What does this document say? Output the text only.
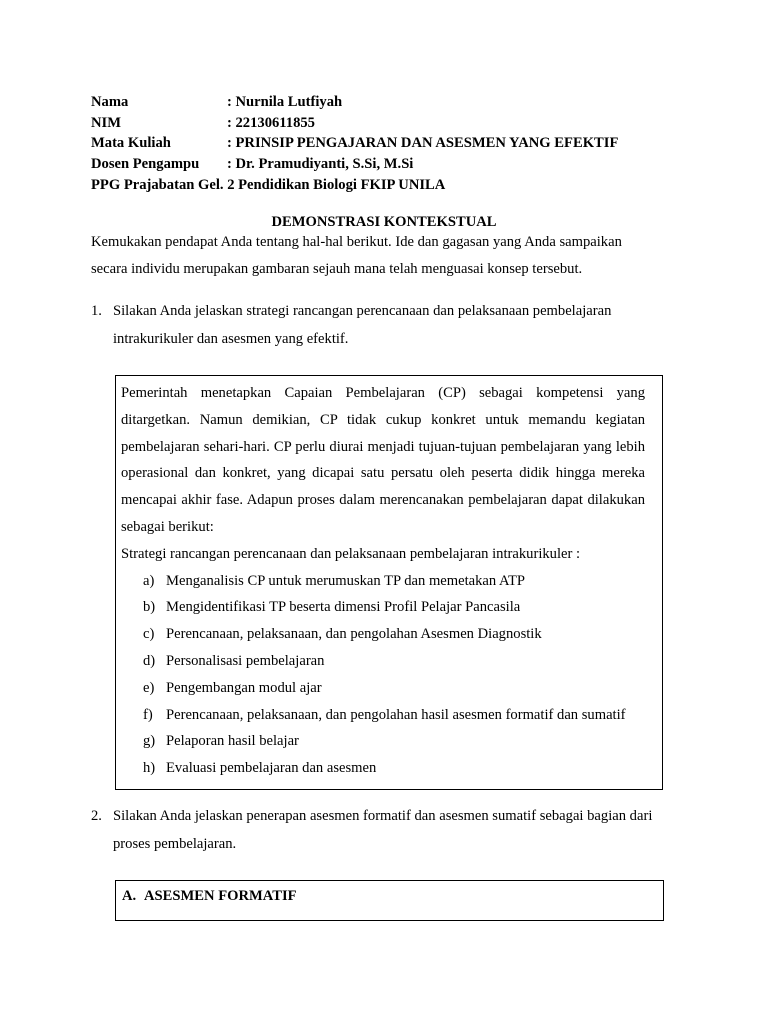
Nama	: Nurnila Lutfiyah
NIM	: 22130611855
Mata Kuliah	: PRINSIP PENGAJARAN DAN ASESMEN YANG EFEKTIF
Dosen Pengampu : Dr. Pramudiyanti, S.Si, M.Si
PPG Prajabatan Gel. 2 Pendidikan Biologi FKIP UNILA
DEMONSTRASI KONTEKSTUAL

Kemukakan pendapat Anda tentang hal-hal berikut. Ide dan gagasan yang Anda sampaikan

secara individu merupakan gambaran sejauh mana telah menguasai konsep tersebut.

1. Silakan Anda jelaskan strategi rancangan perencanaan dan pelaksanaan pembelajaran intrakurikuler dan asesmen yang efektif.

Pemerintah menetapkan Capaian Pembelajaran (CP) sebagai kompetensi yang ditargetkan. Namun demikian, CP tidak cukup konkret untuk memandu kegiatan pembelajaran sehari-hari. CP perlu diurai menjadi tujuan-tujuan pembelajaran yang lebih operasional dan konkret, yang dicapai satu persatu oleh peserta didik hingga mereka mencapai akhir fase. Adapun proses dalam merencanakan pembelajaran dapat dilakukan sebagai berikut:

Strategi rancangan perencanaan dan pelaksanaan pembelajaran intrakurikuler :

a) Menganalisis CP untuk merumuskan TP dan memetakan ATP
b) Mengidentifikasi TP beserta dimensi Profil Pelajar Pancasila
c) Perencanaan, pelaksanaan, dan pengolahan Asesmen Diagnostik
d) Personalisasi pembelajaran
e) Pengembangan modul ajar
f) Perencanaan, pelaksanaan, dan pengolahan hasil asesmen formatif dan sumatif
g) Pelaporan hasil belajar
h) Evaluasi pembelajaran dan asesmen
2. Silakan Anda jelaskan penerapan asesmen formatif dan asesmen sumatif sebagai bagian dari proses pembelajaran.
A. ASESMEN FORMATIF
